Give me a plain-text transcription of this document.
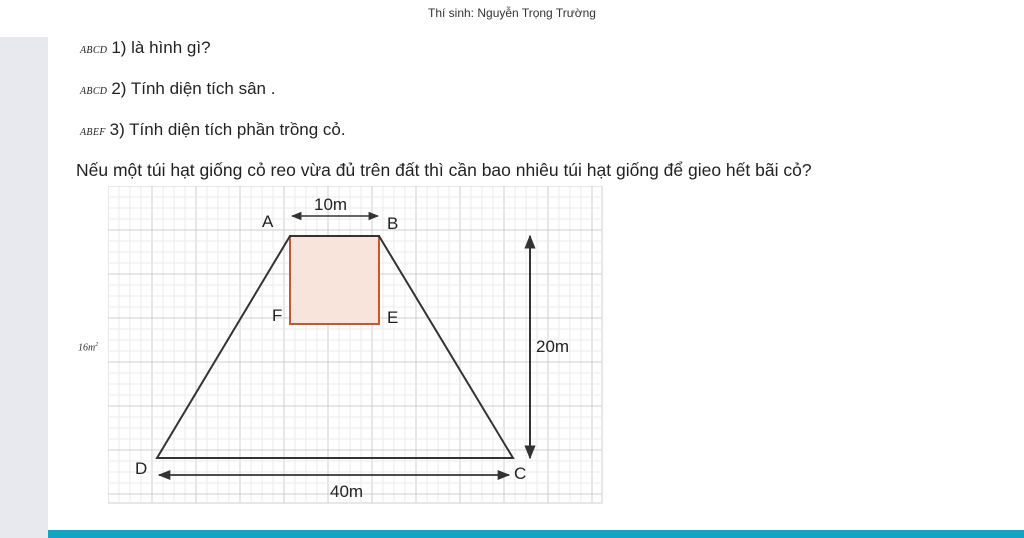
Thí sinh: Nguyễn Trọng Trường
ABCD 1) là hình gì?
ABCD 2) Tính diện tích sân .
ABEF 3) Tính diện tích phần trồng cỏ.
Nếu một túi hạt giống cỏ reo vừa đủ trên đất thì cần bao nhiêu túi hạt giống để gieo hết bãi cỏ?
$16m^2$
A	B
F	E
D	C
10m
20m
40m
